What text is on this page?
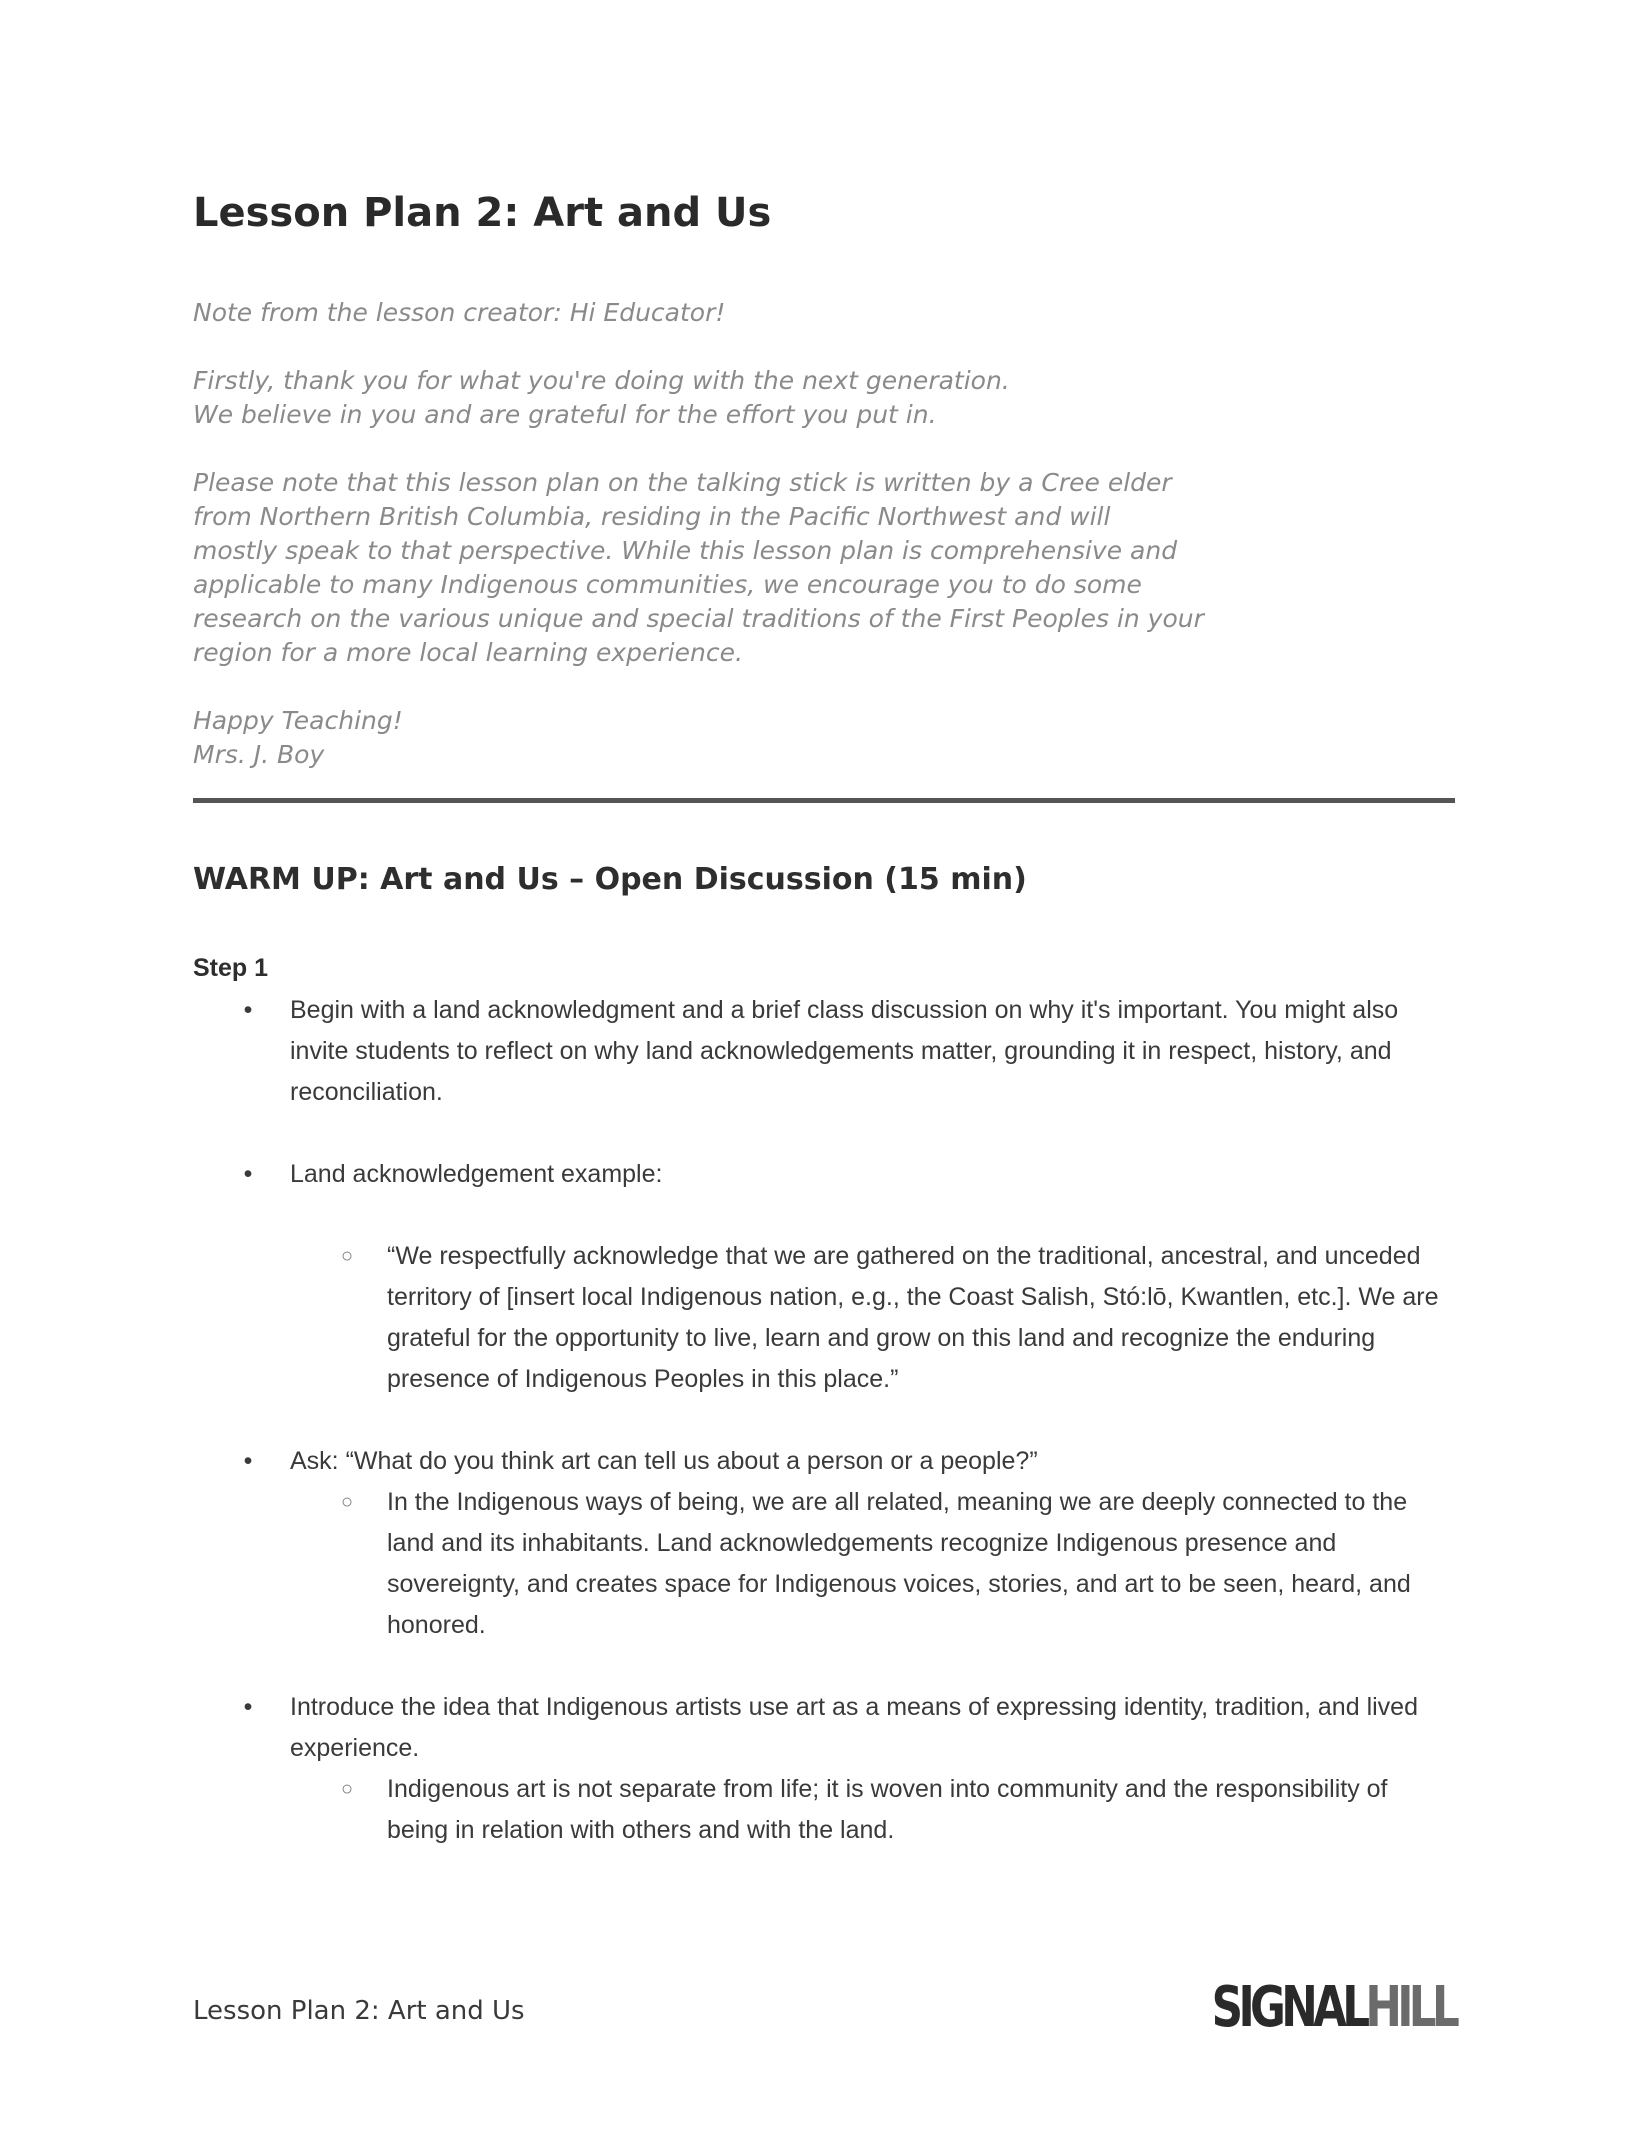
Lesson Plan 2: Art and Us

Note from the lesson creator: Hi Educator!

Firstly, thank you for what you're doing with the next generation.
We believe in you and are grateful for the effort you put in.

Please note that this lesson plan on the talking stick is written by a Cree elder
from Northern British Columbia, residing in the Pacific Northwest and will
mostly speak to that perspective. While this lesson plan is comprehensive and
applicable to many Indigenous communities, we encourage you to do some
research on the various unique and special traditions of the First Peoples in your
region for a more local learning experience.

Happy Teaching!
Mrs. J. Boy

WARM UP: Art and Us – Open Discussion (15 min)
Step 1
• Begin with a land acknowledgment and a brief class discussion on why it's important. You might also invite students to reflect on why land acknowledgements matter, grounding it in respect, history, and reconciliation.
• Land acknowledgement example:
○ “We respectfully acknowledge that we are gathered on the traditional, ancestral, and unceded territory of [insert local Indigenous nation, e.g., the Coast Salish, Stó:lō, Kwantlen, etc.]. We are grateful for the opportunity to live, learn and grow on this land and recognize the enduring presence of Indigenous Peoples in this place.”
• Ask: “What do you think art can tell us about a person or a people?”
○ In the Indigenous ways of being, we are all related, meaning we are deeply connected to the land and its inhabitants. Land acknowledgements recognize Indigenous presence and sovereignty, and creates space for Indigenous voices, stories, and art to be seen, heard, and honored.
• Introduce the idea that Indigenous artists use art as a means of expressing identity, tradition, and lived experience.
○ Indigenous art is not separate from life; it is woven into community and the responsibility of being in relation with others and with the land.

Lesson Plan 2: Art and Us	SIGNAL HILL
